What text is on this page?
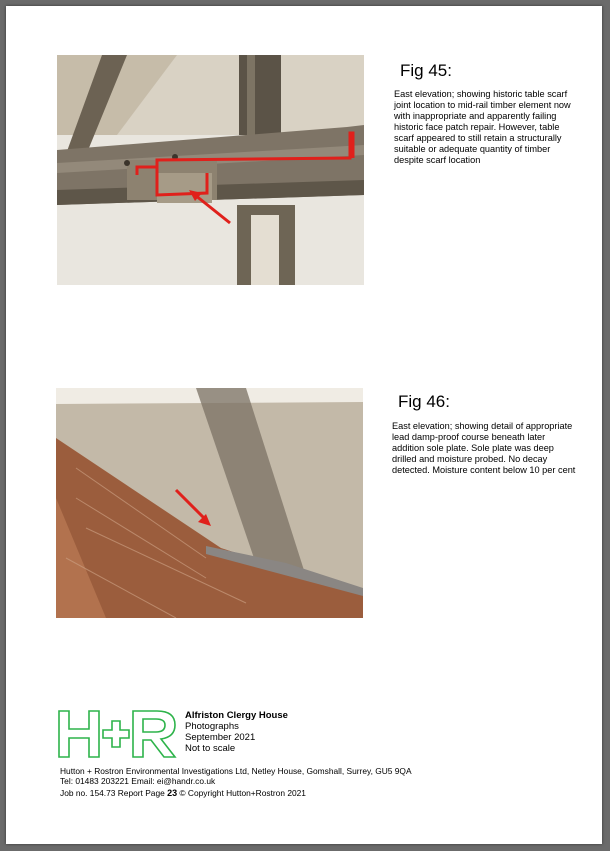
Fig 45:
East elevation; showing historic table scarf joint location to mid-rail timber element now with inappropriate and apparently failing historic face patch repair. However, table scarf appeared to still retain a structurally suitable or adequate quantity of timber despite scarf location
Fig 46:
East elevation; showing detail of appropriate lead damp-proof course beneath later addition sole plate. Sole plate was deep drilled and moisture probed. No decay detected. Moisture content below 10 per cent
Alfriston Clergy House
Photographs
September 2021
Not to scale
Hutton + Rostron Environmental Investigations Ltd, Netley House, Gomshall, Surrey, GU5 9QA
Tel: 01483 203221 Email: ei@handr.co.uk
Job no. 154.73 Report Page 23 © Copyright Hutton+Rostron 2021
